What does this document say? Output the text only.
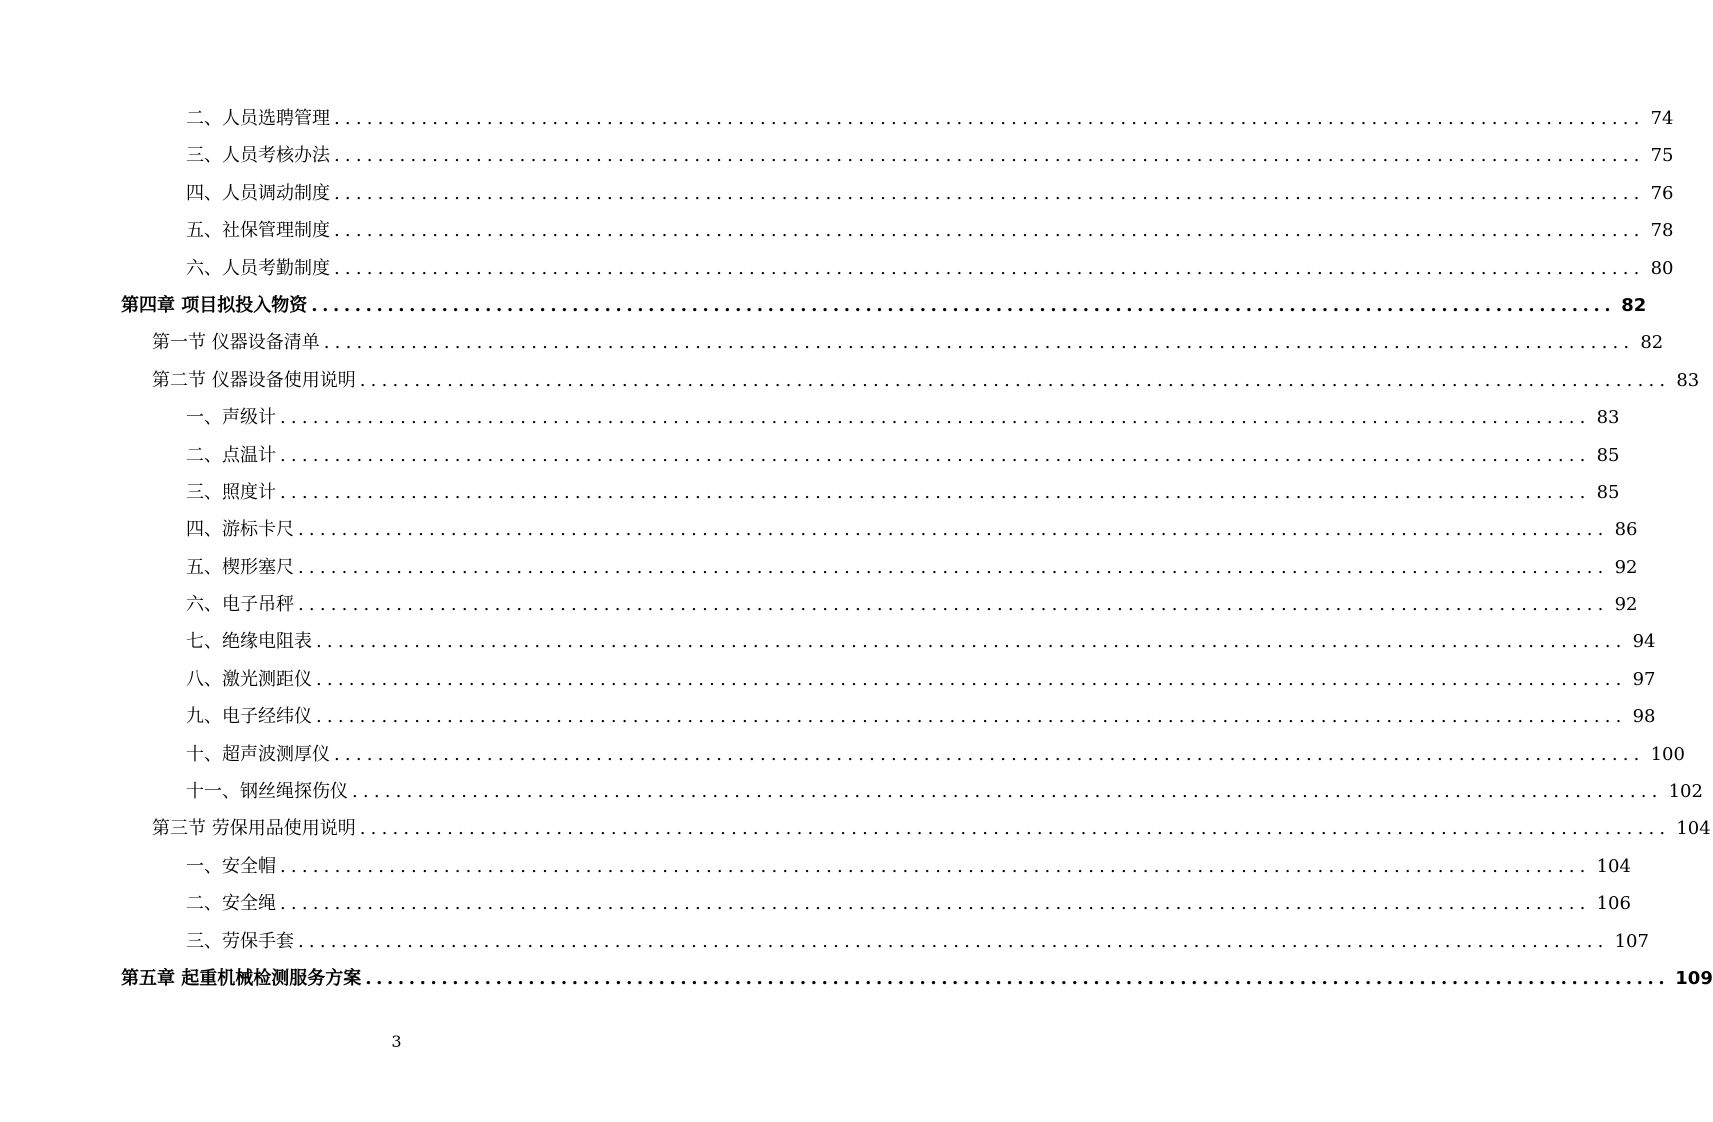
二、人员选聘管理 ........................................................................................................................ 74
三、人员考核办法 ........................................................................................................................ 75
四、人员调动制度 ........................................................................................................................ 76
五、社保管理制度 ........................................................................................................................ 78
六、人员考勤制度 ........................................................................................................................ 80
第四章 项目拟投入物资 ........................................................................................................................ 82
第一节 仪器设备清单 ........................................................................................................................ 82
第二节 仪器设备使用说明 ........................................................................................................................ 83
一、声级计 ........................................................................................................................ 83
二、点温计 ........................................................................................................................ 85
三、照度计 ........................................................................................................................ 85
四、游标卡尺 ........................................................................................................................ 86
五、楔形塞尺 ........................................................................................................................ 92
六、电子吊秤 ........................................................................................................................ 92
七、绝缘电阻表 ........................................................................................................................ 94
八、激光测距仪 ........................................................................................................................ 97
九、电子经纬仪 ........................................................................................................................ 98
十、超声波测厚仪 ........................................................................................................................ 100
十一、钢丝绳探伤仪 ........................................................................................................................ 102
第三节 劳保用品使用说明 ........................................................................................................................ 104
一、安全帽 ........................................................................................................................ 104
二、安全绳 ........................................................................................................................ 106
三、劳保手套 ........................................................................................................................ 107
第五章 起重机械检测服务方案 ........................................................................................................................ 109
3
